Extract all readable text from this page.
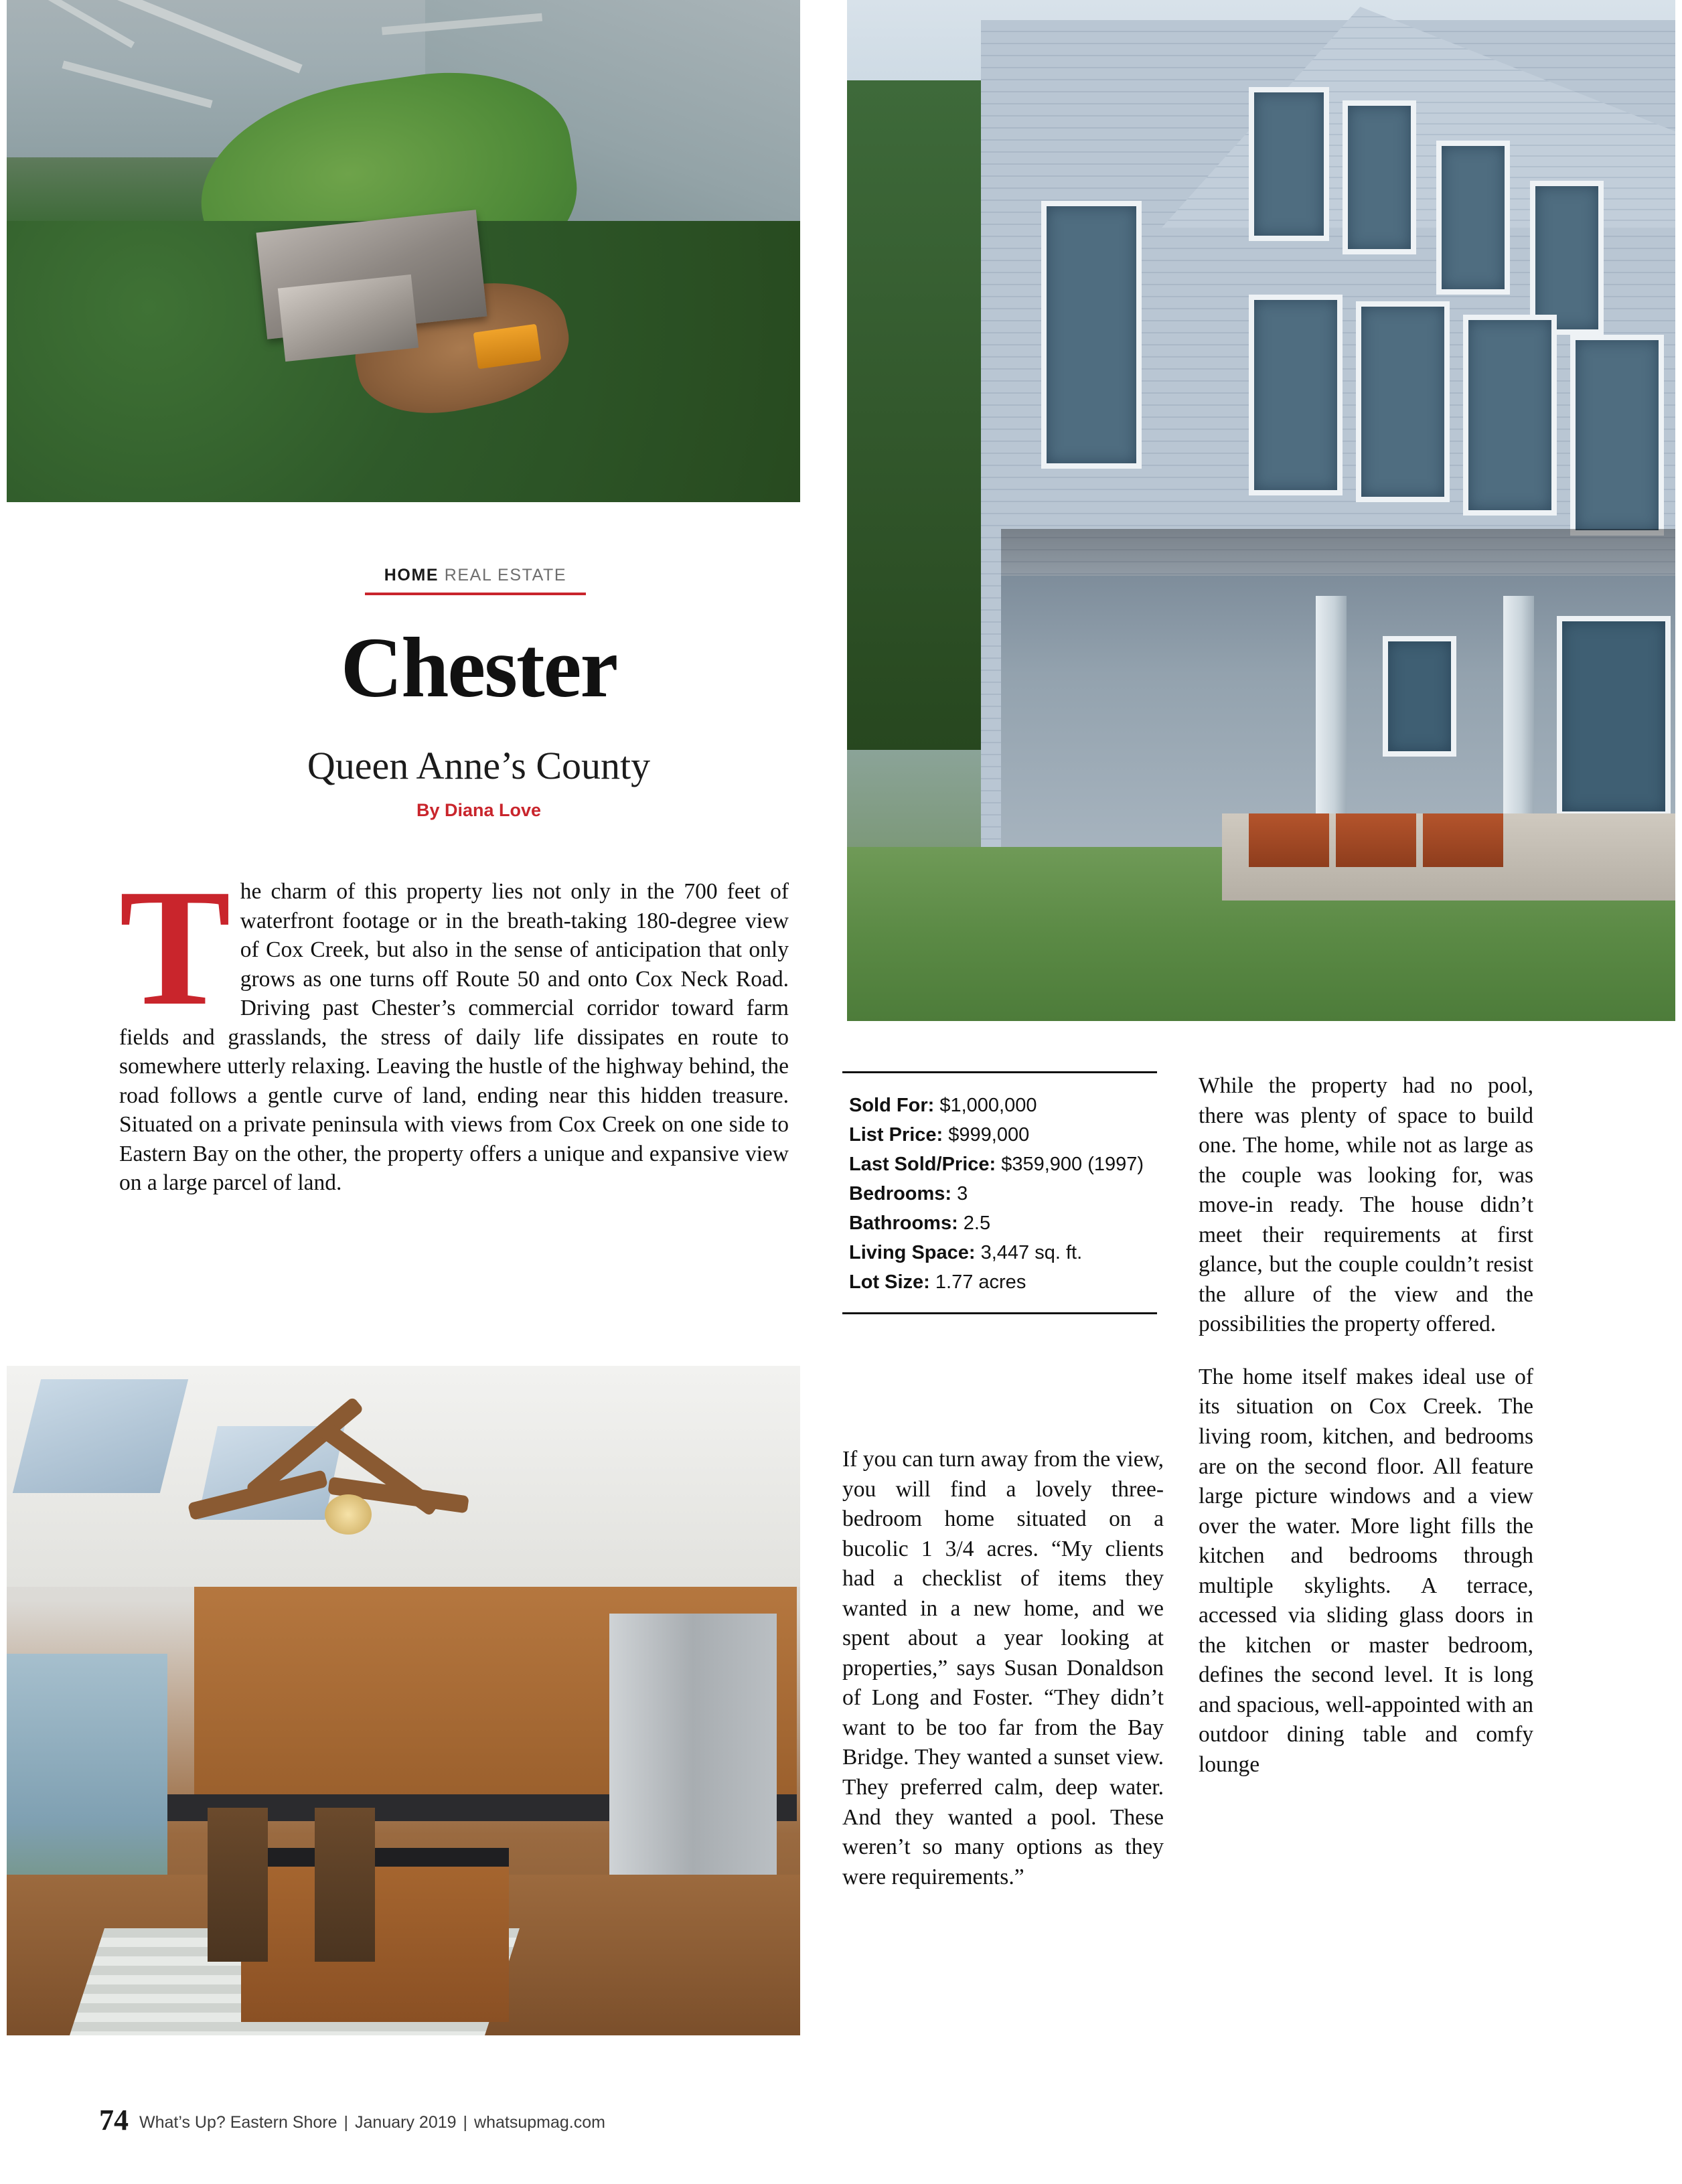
HOME REAL ESTATE
Chester
Queen Anne’s County
By Diana Love
The charm of this property lies not only in the 700 feet of waterfront footage or in the breath-taking 180-degree view of Cox Creek, but also in the sense of anticipation that only grows as one turns off Route 50 and onto Cox Neck Road. Driving past Chester’s commercial corridor toward farm fields and grasslands, the stress of daily life dissipates en route to somewhere utterly relaxing. Leaving the hustle of the highway behind, the road follows a gentle curve of land, ending near this hidden treasure. Situated on a private peninsula with views from Cox Creek on one side to Eastern Bay on the other, the property offers a unique and expansive view on a large parcel of land.
Sold For: $1,000,000
List Price: $999,000
Last Sold/Price: $359,900 (1997)
Bedrooms: 3
Bathrooms: 2.5
Living Space: 3,447 sq. ft.
Lot Size: 1.77 acres

If you can turn away from the view, you will find a lovely three-bedroom home situated on a bucolic 1 3/4 acres. “My clients had a checklist of items they wanted in a new home, and we spent about a year looking at properties,” says Susan Donaldson of Long and Foster. “They didn’t want to be too far from the Bay Bridge. They wanted a sunset view. They preferred calm, deep water. And they wanted a pool. These weren’t so many options as they were requirements.”

While the property had no pool, there was plenty of space to build one. The home, while not as large as the couple was looking for, was move-in ready. The house didn’t meet their requirements at first glance, but the couple couldn’t resist the allure of the view and the possibilities the property offered.

The home itself makes ideal use of its situation on Cox Creek. The living room, kitchen, and bedrooms are on the second floor. All feature large picture windows and a view over the water. More light fills the kitchen and bedrooms through multiple skylights. A terrace, accessed via sliding glass doors in the kitchen or master bedroom, defines the second level. It is long and spacious, well-appointed with an outdoor dining table and comfy lounge

74 What’s Up? Eastern Shore | January 2019 | whatsupmag.com
